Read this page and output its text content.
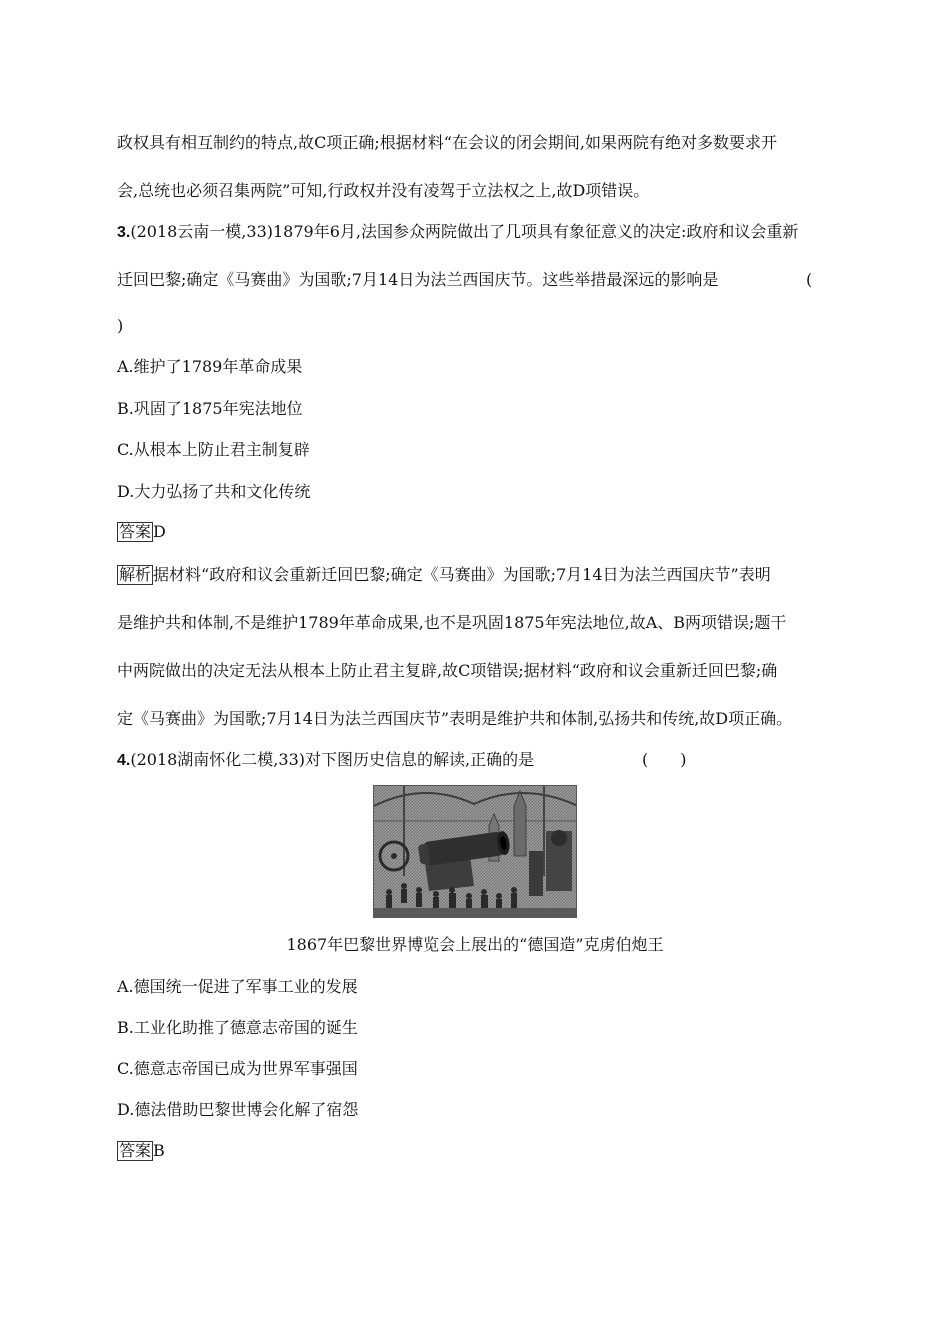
政权具有相互制约的特点,故C项正确;根据材料“在会议的闭会期间,如果两院有绝对多数要求开
会,总统也必须召集两院”可知,行政权并没有凌驾于立法权之上,故D项错误。
3.(2018云南一模,33)1879年6月,法国参众两院做出了几项具有象征意义的决定:政府和议会重新
迁回巴黎;确定《马赛曲》为国歌;7月14日为法兰西国庆节。这些举措最深远的影响是	(
)
A.维护了1789年革命成果
B.巩固了1875年宪法地位
C.从根本上防止君主制复辟
D.大力弘扬了共和文化传统
答案 D
解析 据材料“政府和议会重新迁回巴黎;确定《马赛曲》为国歌;7月14日为法兰西国庆节”表明
是维护共和体制,不是维护1789年革命成果,也不是巩固1875年宪法地位,故A、B两项错误;题干
中两院做出的决定无法从根本上防止君主复辟,故C项错误;据材料“政府和议会重新迁回巴黎;确
定《马赛曲》为国歌;7月14日为法兰西国庆节”表明是维护共和体制,弘扬共和传统,故D项正确。
4.(2018湖南怀化二模,33)对下图历史信息的解读,正确的是	(　　)
1867年巴黎世界博览会上展出的“德国造”克虏伯炮王
A.德国统一促进了军事工业的发展
B.工业化助推了德意志帝国的诞生
C.德意志帝国已成为世界军事强国
D.德法借助巴黎世博会化解了宿怨
答案 B
